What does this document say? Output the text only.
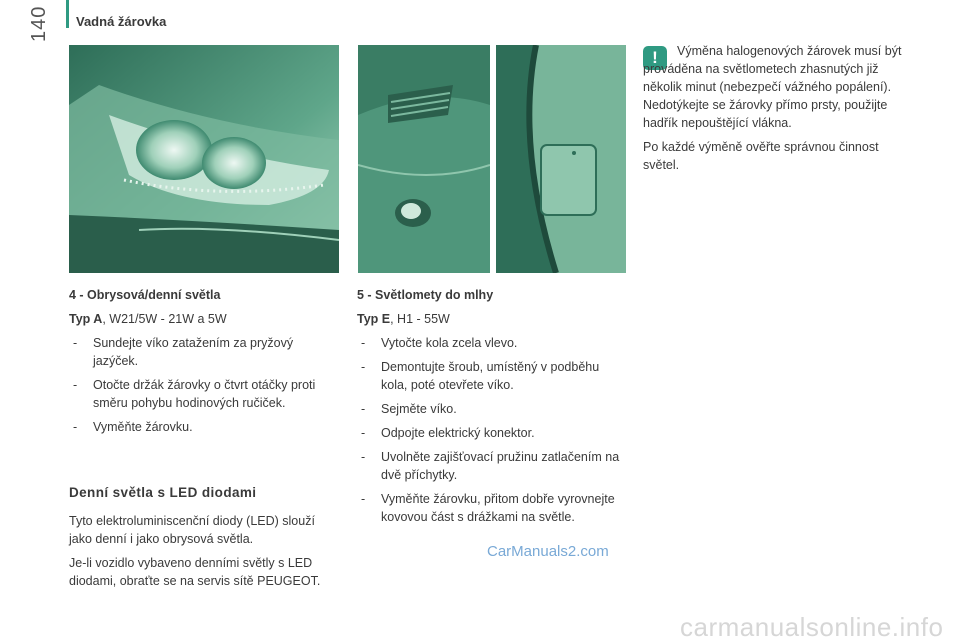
140 Vadná žárovka

4 - Obrysová/denní světla

Typ A, W21/5W - 21W a 5W

- Sundejte víko zatažením za pryžový jazýček.
- Otočte držák žárovky o čtvrt otáčky proti směru pohybu hodinových ručiček.
- Vyměňte žárovku.

Denní světla s LED diodami

Tyto elektroluminiscenční diody (LED) slouží jako denní i jako obrysová světla.

Je-li vozidlo vybaveno denními světly s LED diodami, obraťte se na servis sítě PEUGEOT.

5 - Světlomety do mlhy

Typ E, H1 - 55W

- Vytočte kola zcela vlevo.
- Demontujte šroub, umístěný v podběhu kola, poté otevřete víko.
- Sejměte víko.
- Odpojte elektrický konektor.
- Uvolněte zajišťovací pružinu zatlačením na dvě příchytky.
- Vyměňte žárovku, přitom dobře vyrovnejte kovovou část s drážkami na světle.
!	Výměna halogenových žárovek musí být prováděna na světlometech zhasnutých již několik minut (nebezpečí vážného popálení). Nedotýkejte se žárovky přímo prsty, použijte hadřík nepouštějící vlákna.

Po každé výměně ověřte správnou činnost světel.

CarManuals2.com
carmanualsonline.info
